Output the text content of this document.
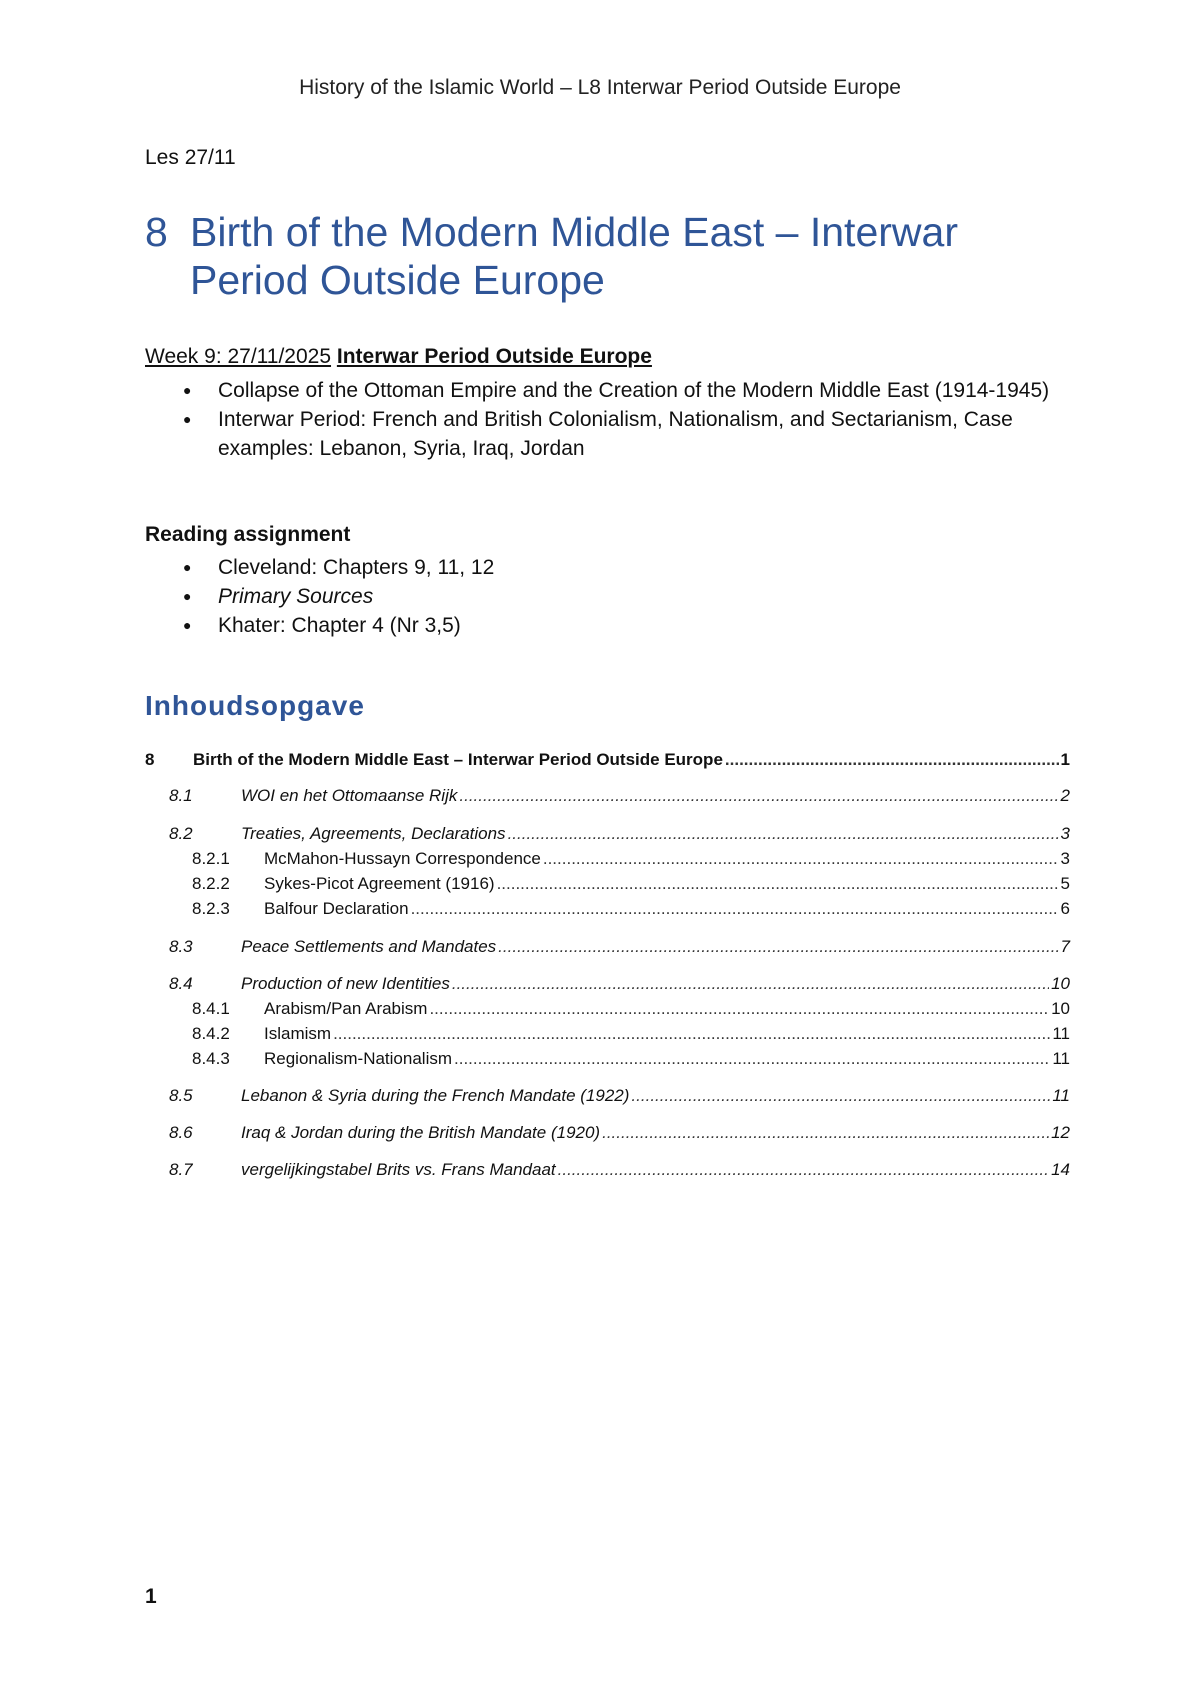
History of the Islamic World – L8 Interwar Period Outside Europe
Les 27/11
8 Birth of the Modern Middle East – Interwar Period Outside Europe
Week 9: 27/11/2025 Interwar Period Outside Europe
● Collapse of the Ottoman Empire and the Creation of the Modern Middle East (1914-1945)
● Interwar Period: French and British Colonialism, Nationalism, and Sectarianism, Case examples: Lebanon, Syria, Iraq, Jordan
Reading assignment
● Cleveland: Chapters 9, 11, 12
● Primary Sources
● Khater: Chapter 4 (Nr 3,5)
Inhoudsopgave
8	Birth of the Modern Middle East – Interwar Period Outside Europe .....	1
8.1	WOI en het Ottomaanse Rijk .....	2
8.2	Treaties, Agreements, Declarations .....	3
8.2.1	McMahon-Hussayn Correspondence .....	3
8.2.2	Sykes-Picot Agreement (1916) .....	5
8.2.3	Balfour Declaration .....	6
8.3	Peace Settlements and Mandates .....	7
8.4	Production of new Identities .....	10
8.4.1	Arabism/Pan Arabism .....	10
8.4.2	Islamism .....	11
8.4.3	Regionalism-Nationalism .....	11
8.5	Lebanon & Syria during the French Mandate (1922) .....	11
8.6	Iraq & Jordan during the British Mandate (1920) .....	12
8.7	vergelijkingstabel Brits vs. Frans Mandaat .....	14
1
